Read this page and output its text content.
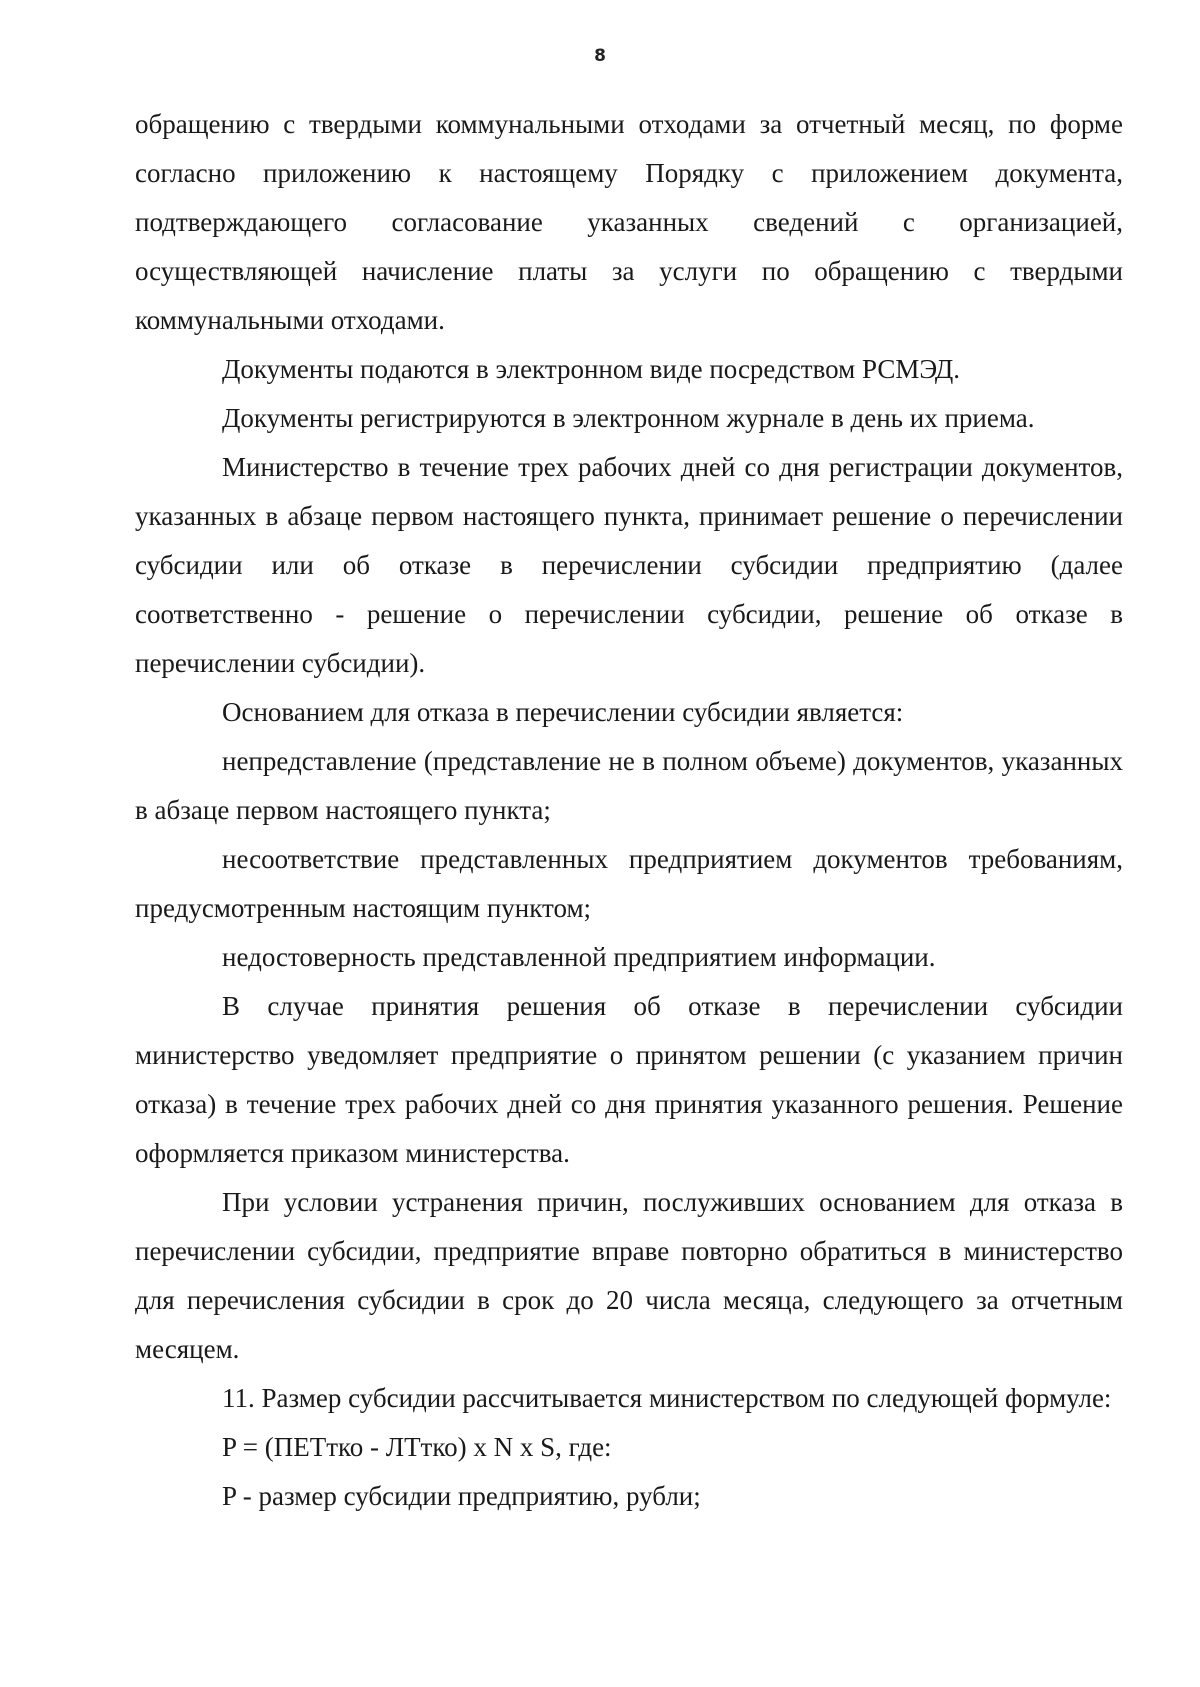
8

обращению с твердыми коммунальными отходами за отчетный месяц, по форме согласно приложению к настоящему Порядку с приложением документа, подтверждающего согласование указанных сведений с организацией, осуществляющей начисление платы за услуги по обращению с твердыми коммунальными отходами.

Документы подаются в электронном виде посредством РСМЭД.

Документы регистрируются в электронном журнале в день их приема.

Министерство в течение трех рабочих дней со дня регистрации документов, указанных в абзаце первом настоящего пункта, принимает решение о перечислении субсидии или об отказе в перечислении субсидии предприятию (далее соответственно - решение о перечислении субсидии, решение об отказе в перечислении субсидии).

Основанием для отказа в перечислении субсидии является:

непредставление (представление не в полном объеме) документов, указанных в абзаце первом настоящего пункта;

несоответствие представленных предприятием документов требованиям, предусмотренным настоящим пунктом;

недостоверность представленной предприятием информации.

В случае принятия решения об отказе в перечислении субсидии министерство уведомляет предприятие о принятом решении (с указанием причин отказа) в течение трех рабочих дней со дня принятия указанного решения. Решение оформляется приказом министерства.

При условии устранения причин, послуживших основанием для отказа в перечислении субсидии, предприятие вправе повторно обратиться в министерство для перечисления субсидии в срок до 20 числа месяца, следующего за отчетным месяцем.

11. Размер субсидии рассчитывается министерством по следующей формуле:

P = (ПЕТтко - ЛТтко) x N x S, где:

P - размер субсидии предприятию, рубли;
